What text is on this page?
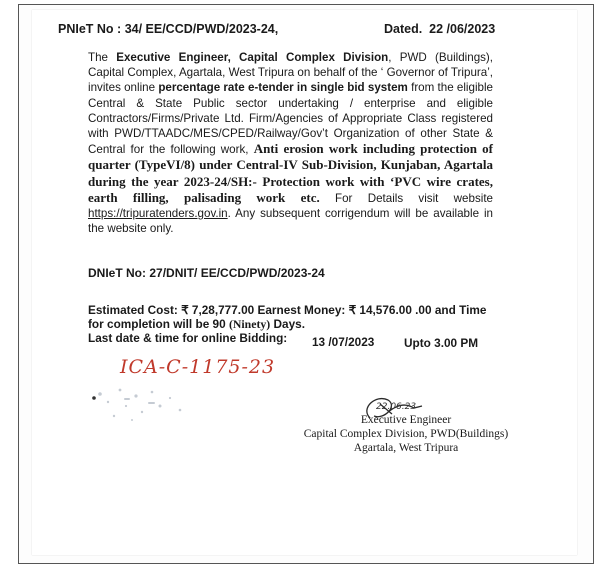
PNIeT No : 34/ EE/CCD/PWD/2023-24,	Dated. 22 /06/2023
The Executive Engineer, Capital Complex Division, PWD (Buildings), Capital Complex, Agartala, West Tripura on behalf of the ‘ Governor of Tripura’, invites online percentage rate e-tender in single bid system from the eligible Central & State Public sector undertaking / enterprise and eligible Contractors/Firms/Private Ltd. Firm/Agencies of Appropriate Class registered with PWD/TTAADC/MES/CPED/Railway/Gov’t Organization of other State & Central for the following work, Anti erosion work including protection of quarter (TypeVI/8) under Central-IV Sub-Division, Kunjaban, Agartala during the year 2023-24/SH:- Protection work with ‘PVC wire crates, earth filling, palisading work etc. For Details visit website https://tripuratenders.gov.in. Any subsequent corrigendum will be available in the website only.
DNIeT No: 27/DNIT/ EE/CCD/PWD/2023-24
Estimated Cost: ₹ 7,28,777.00 Earnest Money: ₹ 14,576.00 .00 and Time for completion will be 90 (Ninety) Days.
Last date & time for online Bidding: 13 /07/2023	Upto 3.00 PM
ICA-C-1175-23
22.06.23
Executive Engineer
Capital Complex Division, PWD(Buildings)
Agartala, West Tripura
